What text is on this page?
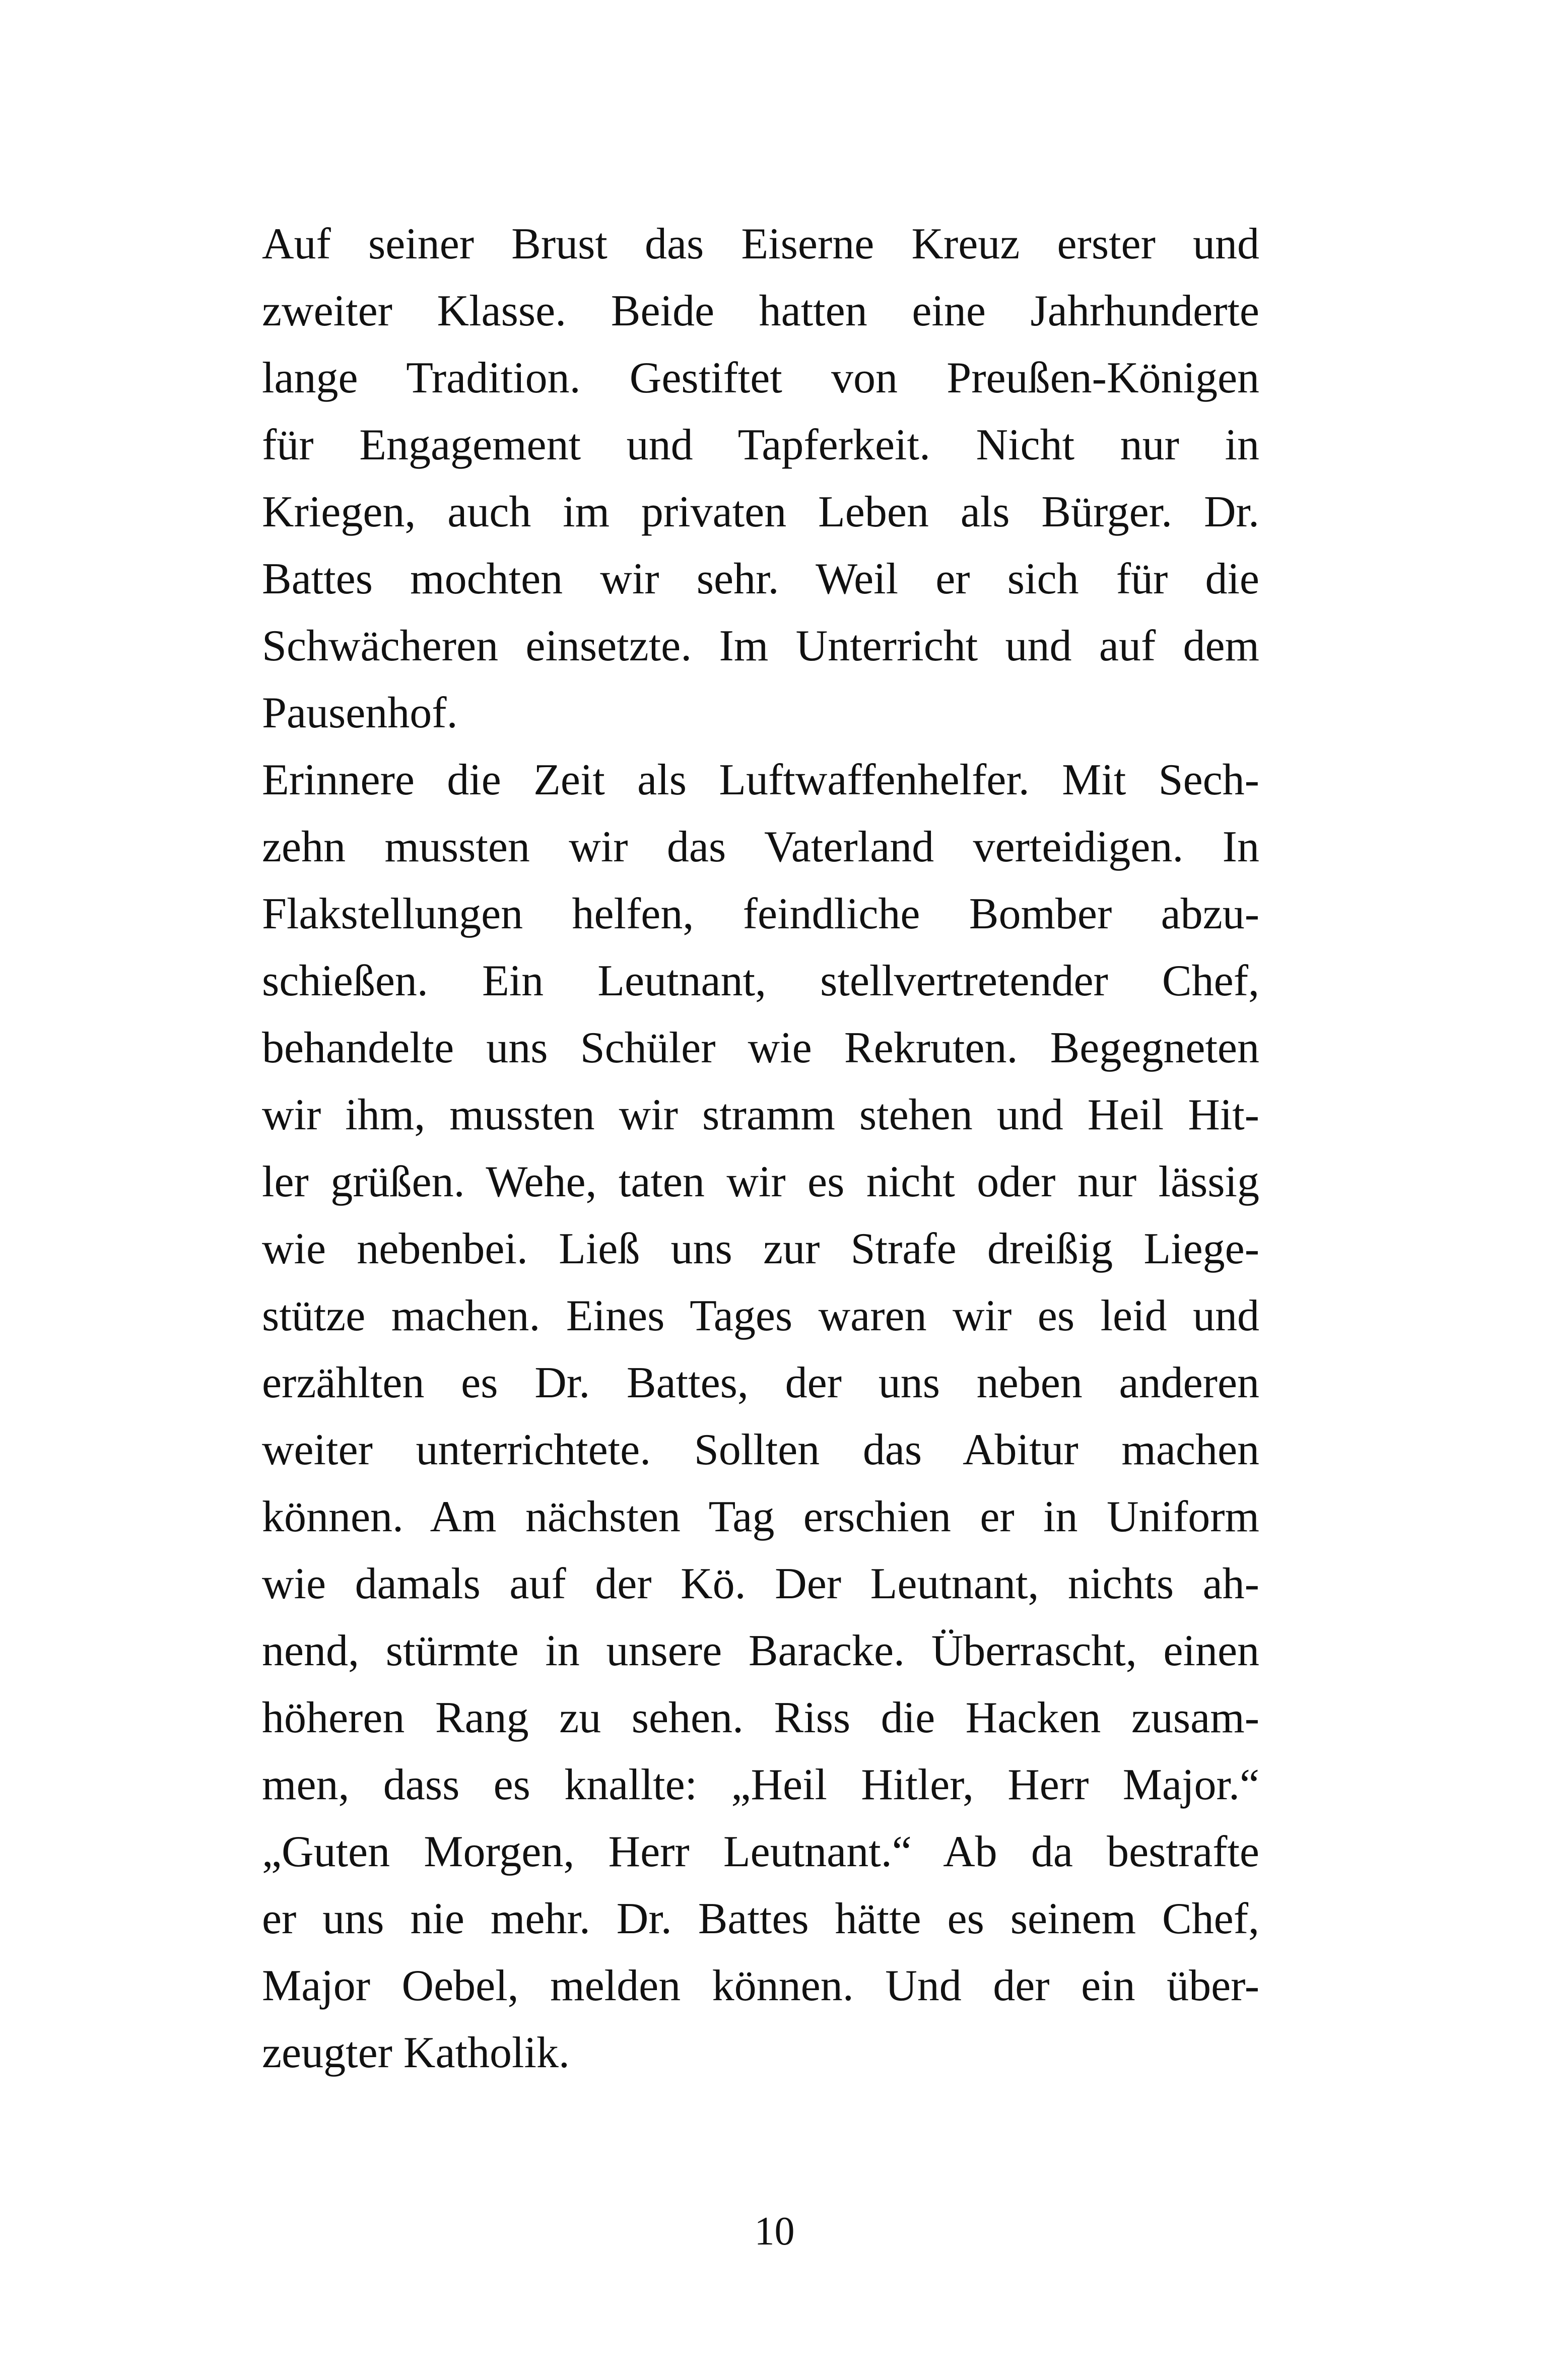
Auf seiner Brust das Eiserne Kreuz erster und
zweiter Klasse. Beide hatten eine Jahrhunderte
lange Tradition. Gestiftet von Preußen-Königen
für Engagement und Tapferkeit. Nicht nur in
Kriegen, auch im privaten Leben als Bürger. Dr.
Battes mochten wir sehr. Weil er sich für die
Schwächeren einsetzte. Im Unterricht und auf dem
Pausenhof.
Erinnere die Zeit als Luftwaffenhelfer. Mit Sech-
zehn mussten wir das Vaterland verteidigen. In
Flakstellungen helfen, feindliche Bomber abzu-
schießen. Ein Leutnant, stellvertretender Chef,
behandelte uns Schüler wie Rekruten. Begegneten
wir ihm, mussten wir stramm stehen und Heil Hit-
ler grüßen. Wehe, taten wir es nicht oder nur lässig
wie nebenbei. Ließ uns zur Strafe dreißig Liege-
stütze machen. Eines Tages waren wir es leid und
erzählten es Dr. Battes, der uns neben anderen
weiter unterrichtete. Sollten das Abitur machen
können. Am nächsten Tag erschien er in Uniform
wie damals auf der Kö. Der Leutnant, nichts ah-
nend, stürmte in unsere Baracke. Überrascht, einen
höheren Rang zu sehen. Riss die Hacken zusam-
men, dass es knallte: „Heil Hitler, Herr Major.“
„Guten Morgen, Herr Leutnant.“ Ab da bestrafte
er uns nie mehr. Dr. Battes hätte es seinem Chef,
Major Oebel, melden können. Und der ein über-
zeugter Katholik.
10
